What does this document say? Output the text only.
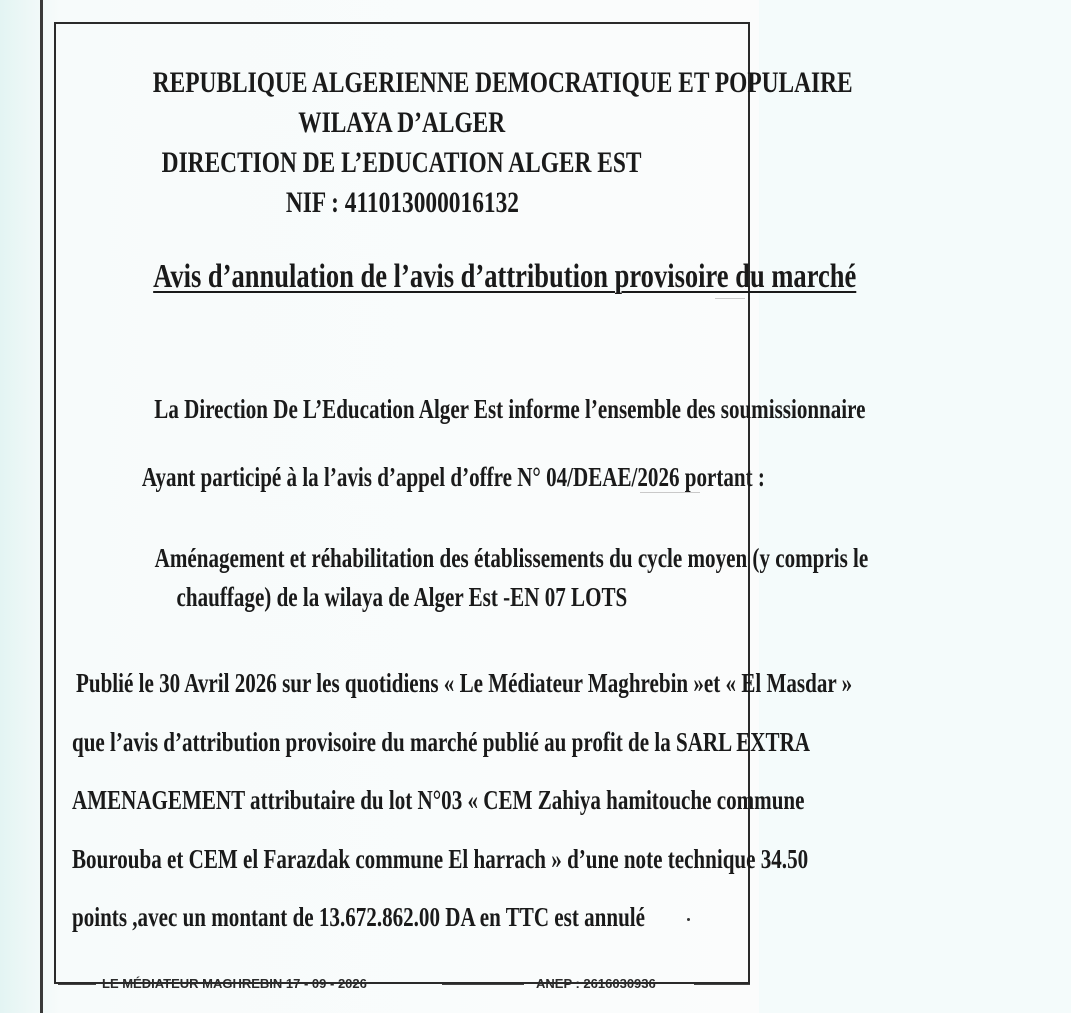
REPUBLIQUE ALGERIENNE DEMOCRATIQUE ET POPULAIRE
WILAYA D’ALGER
DIRECTION DE L’EDUCATION ALGER EST
NIF : 411013000016132
Avis d’annulation de l’avis d’attribution provisoire du marché
La Direction De L’Education Alger Est informe l’ensemble des soumissionnaire
Ayant participé à la l’avis d’appel d’offre N° 04/DEAE/2026 portant :
Aménagement et réhabilitation des établissements du cycle moyen (y compris le
chauffage) de la wilaya de Alger Est -EN 07 LOTS
Publié le 30 Avril 2026 sur les quotidiens « Le Médiateur Maghrebin »et « El Masdar »
que l’avis d’attribution provisoire du marché publié au profit de la SARL EXTRA
AMENAGEMENT attributaire du lot N°03 « CEM Zahiya hamitouche commune
Bourouba et CEM el Farazdak commune El harrach » d’une note technique 34.50
points ,avec un montant de 13.672.862.00 DA en TTC est annulé
LE MÉDIATEUR MAGHREBIN 17 - 09 - 2026	ANEP : 2616030936
